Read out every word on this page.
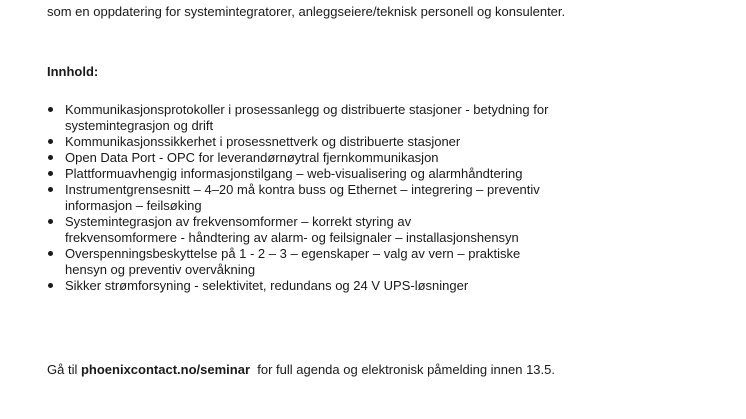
som en oppdatering for systemintegratorer, anleggseiere/teknisk personell og konsulenter.
Innhold:
Kommunikasjonsprotokoller i prosessanlegg og distribuerte stasjoner - betydning for
systemintegrasjon og drift
Kommunikasjonssikkerhet i prosessnettverk og distribuerte stasjoner
Open Data Port - OPC for leverandørnøytral fjernkommunikasjon
Plattformuavhengig informasjonstilgang – web-visualisering og alarmhåndtering
Instrumentgrensesnitt – 4–20 må kontra buss og Ethernet – integrering – preventiv
informasjon – feilsøking
Systemintegrasjon av frekvensomformer – korrekt styring av
frekvensomformere - håndtering av alarm- og feilsignaler – installasjonshensyn
Overspenningsbeskyttelse på 1 - 2 – 3 – egenskaper – valg av vern – praktiske
hensyn og preventiv overvåkning
Sikker strømforsyning - selektivitet, redundans og 24 V UPS-løsninger
Gå til phoenixcontact.no/seminar  for full agenda og elektronisk påmelding innen 13.5.
